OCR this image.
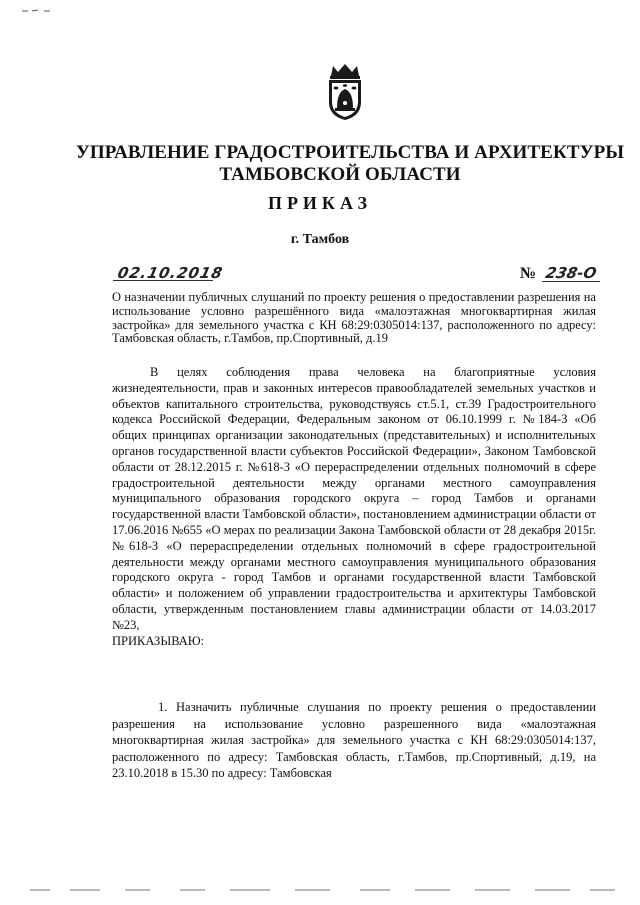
УПРАВЛЕНИЕ ГРАДОСТРОИТЕЛЬСТВА И АРХИТЕКТУРЫ
ТАМБОВСКОЙ ОБЛАСТИ
ПРИКАЗ
г. Тамбов
02.10.2018	№ 238-О
О назначении публичных слушаний по проекту решения о предоставлении разрешения на использование условно разрешённого вида «малоэтажная многоквартирная жилая застройка» для земельного участка с КН 68:29:0305014:137, расположенного по адресу: Тамбовская область, г.Тамбов, пр.Спортивный, д.19
В целях соблюдения права человека на благоприятные условия жизнедеятельности, прав и законных интересов правообладателей земельных участков и объектов капитального строительства, руководствуясь ст.5.1, ст.39 Градостроительного кодекса Российской Федерации, Федеральным законом от 06.10.1999 г. №184-З «Об общих принципах организации законодательных (представительных) и исполнительных органов государственной власти субъектов Российской Федерации», Законом Тамбовской области от 28.12.2015 г. №618-З «О перераспределении отдельных полномочий в сфере градостроительной деятельности между органами местного самоуправления муниципального образования городского округа – город Тамбов и органами государственной власти Тамбовской области», постановлением администрации области от 17.06.2016 №655 «О мерах по реализации Закона Тамбовской области от 28 декабря 2015г. №618-З «О перераспределении отдельных полномочий в сфере градостроительной деятельности между органами местного самоуправления муниципального образования городского округа - город Тамбов и органами государственной власти Тамбовской области» и положением об управлении градостроительства и архитектуры Тамбовской области, утвержденным постановлением главы администрации области от 14.03.2017 №23,
ПРИКАЗЫВАЮ:
1. Назначить публичные слушания по проекту решения о предоставлении разрешения на использование условно разрешенного вида «малоэтажная многоквартирная жилая застройка» для земельного участка с КН 68:29:0305014:137, расположенного по адресу: Тамбовская область, г.Тамбов, пр.Спортивный, д.19, на 23.10.2018 в 15.30 по адресу: Тамбовская
